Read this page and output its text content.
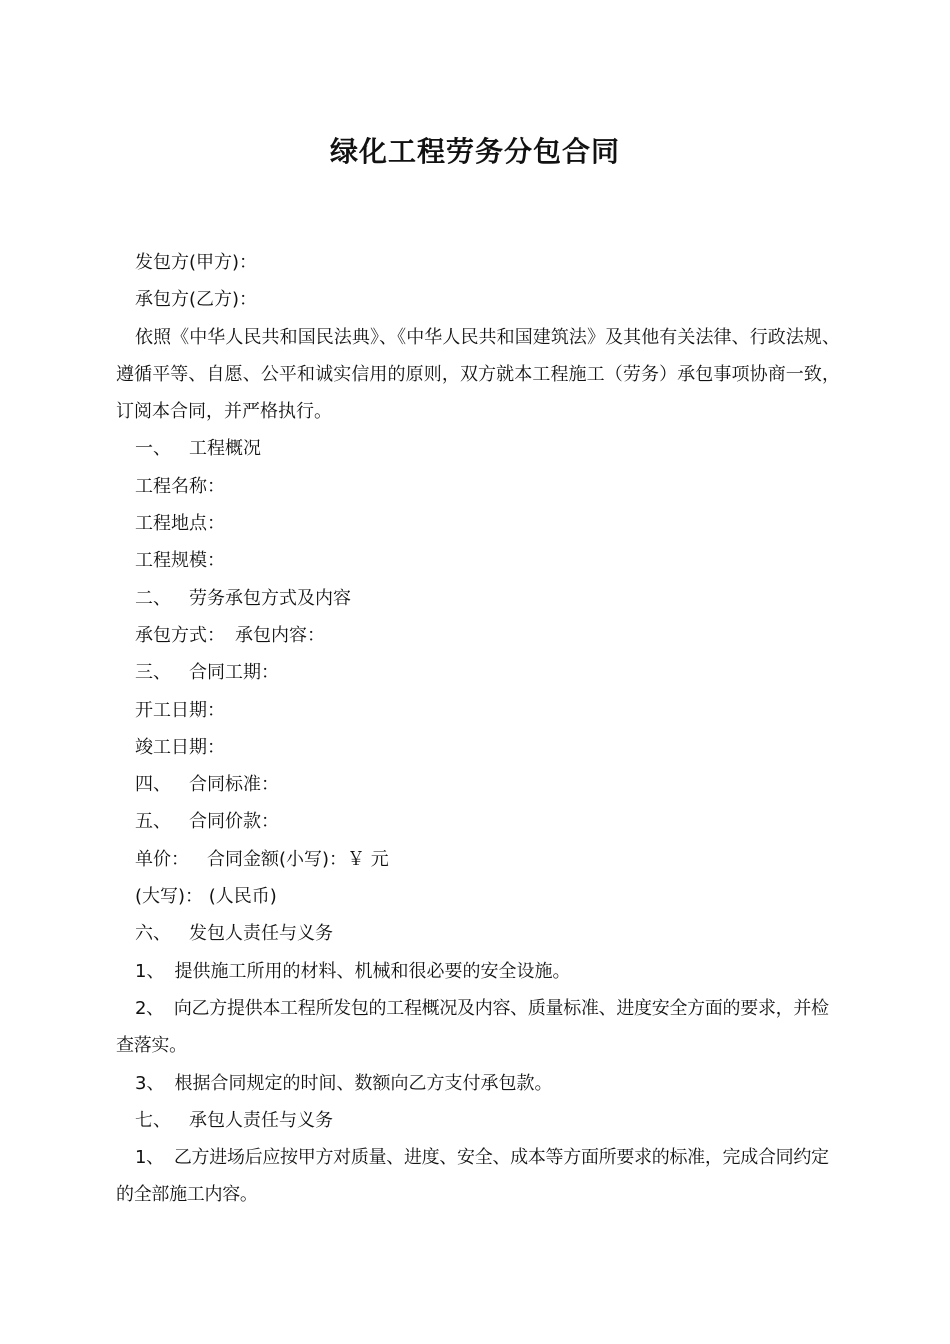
绿化工程劳务分包合同
发包方(甲方)：
承包方(乙方)：
依照《中华人民共和国民法典》、《中华人民共和国建筑法》及其他有关法律、行政法规、遵循平等、自愿、公平和诚实信用的原则，双方就本工程施工（劳务）承包事项协商一致，订阅本合同，并严格执行。
一、 工程概况
工程名称：
工程地点：
工程规模：
二、 劳务承包方式及内容
承包方式： 承包内容：
三、 合同工期：
开工日期：
竣工日期：
四、 合同标准：
五、 合同价款：
单价： 合同金额(小写)：￥ 元
(大写)： (人民币)
六、 发包人责任与义务
1、 提供施工所用的材料、机械和很必要的安全设施。
2、 向乙方提供本工程所发包的工程概况及内容、质量标准、进度安全方面的要求，并检查落实。
3、 根据合同规定的时间、数额向乙方支付承包款。
七、 承包人责任与义务
1、 乙方进场后应按甲方对质量、进度、安全、成本等方面所要求的标准，完成合同约定的全部施工内容。
